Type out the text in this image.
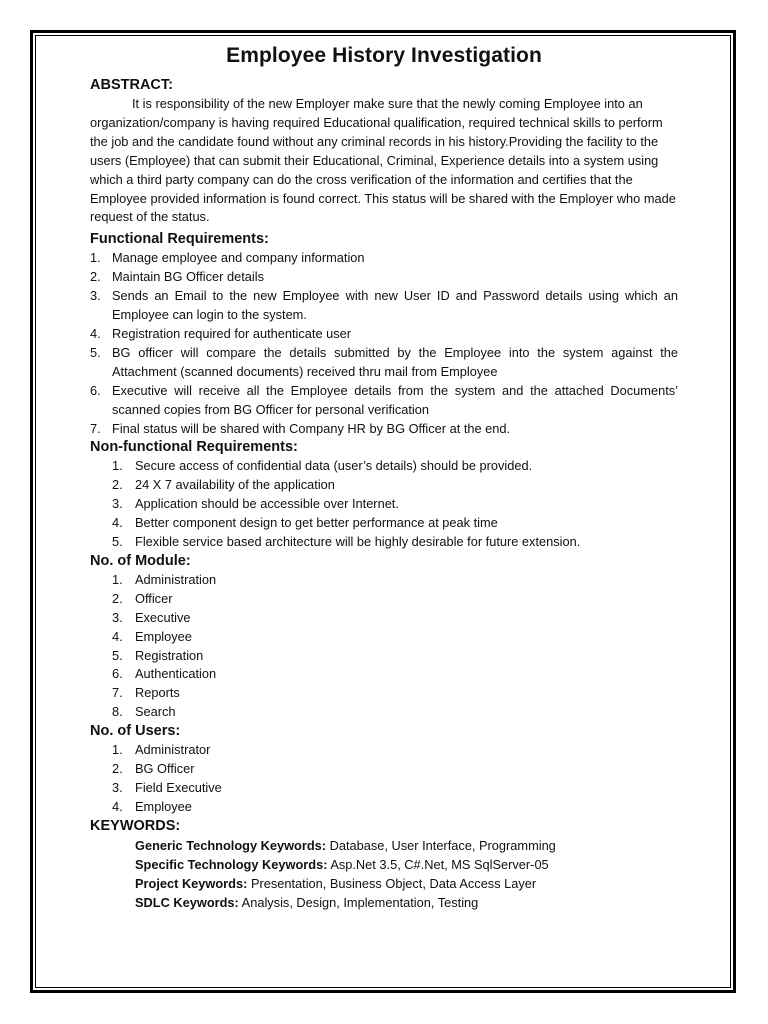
Employee History Investigation
ABSTRACT:

It is responsibility of the new Employer make sure that the newly coming Employee into an organization/company is having required Educational qualification, required technical skills to perform the job and the candidate found without any criminal records in his history.Providing the facility to the users (Employee) that can submit their Educational, Criminal, Experience details into a system using which a third party company can do the cross verification of the information and certifies that the Employee provided information is found correct. This status will be shared with the Employer who made request of the status.

Functional Requirements:
1. Manage employee and company information
2. Maintain BG Officer details
3. Sends an Email to the new Employee with new User ID and Password details using which an Employee can login to the system.
4. Registration required for authenticate user
5. BG officer will compare the details submitted by the Employee into the system against the Attachment (scanned documents) received thru mail from Employee
6. Executive will receive all the Employee details from the system and the attached Documents’ scanned copies from BG Officer for personal verification
7. Final status will be shared with Company HR by BG Officer at the end.
Non-functional Requirements:
1. Secure access of confidential data (user’s details) should be provided.
2. 24 X 7 availability of the application
3. Application should be accessible over Internet.
4. Better component design to get better performance at peak time
5. Flexible service based architecture will be highly desirable for future extension.
No. of Module:
1. Administration
2. Officer
3. Executive
4. Employee
5. Registration
6. Authentication
7. Reports
8. Search
No. of Users:
1. Administrator
2. BG Officer
3. Field Executive
4. Employee
KEYWORDS:
Generic Technology Keywords: Database, User Interface, Programming
Specific Technology Keywords: Asp.Net 3.5, C#.Net, MS SqlServer-05
Project Keywords: Presentation, Business Object, Data Access Layer
SDLC Keywords: Analysis, Design, Implementation, Testing
